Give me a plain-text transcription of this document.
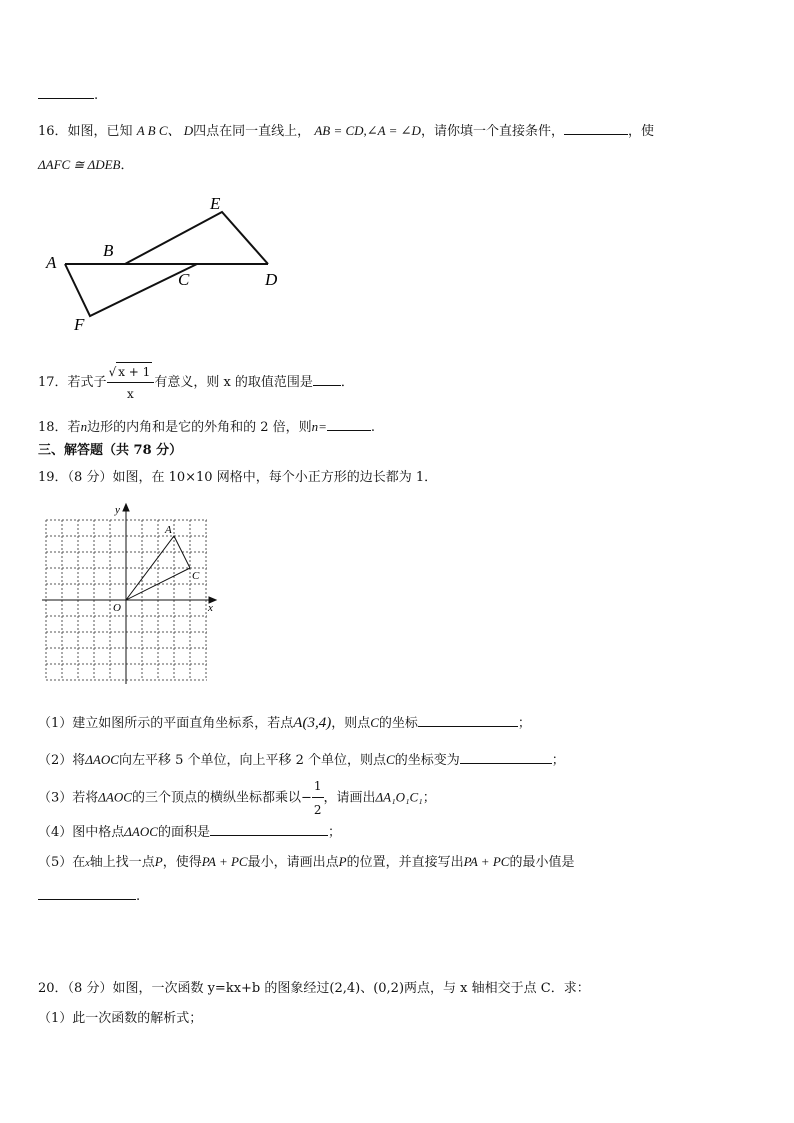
.
16．如图，已知 A B C、 D四点在同一直线上， AB = CD,∠A = ∠D，请你填一个直接条件，	，使
ΔAFC ≅ ΔDEB．
E
A
B
C	D
F
17．若式子 $\frac{√ x + 1}{x}$ 有意义，则 x 的取值范围是 ．
18．若n边形的内角和是它的外角和的 2 倍，则n=	.
三、解答题（共 78 分）
19．（8 分）如图，在 10×10 网格中，每个小正方形的边长都为 1．
y
x
O
A
C
（1）建立如图所示的平面直角坐标系，若点A(3,4)，则点C的坐标	；
（2）将ΔAOC向左平移 5 个单位，向上平移 2 个单位，则点C的坐标变为	；
（3）若将ΔAOC的三个顶点的横纵坐标都乘以− $\frac{1}{2}$ ，请画出ΔA₁O₁C₁；
（4）图中格点ΔAOC的面积是	；
（5）在x轴上找一点P，使得PA + PC最小，请画出点P的位置，并直接写出PA + PC的最小值是
.
20．（8 分）如图，一次函数 y=kx+b 的图象经过(2,4)、(0,2)两点，与 x 轴相交于点 C．求：
（1）此一次函数的解析式；
